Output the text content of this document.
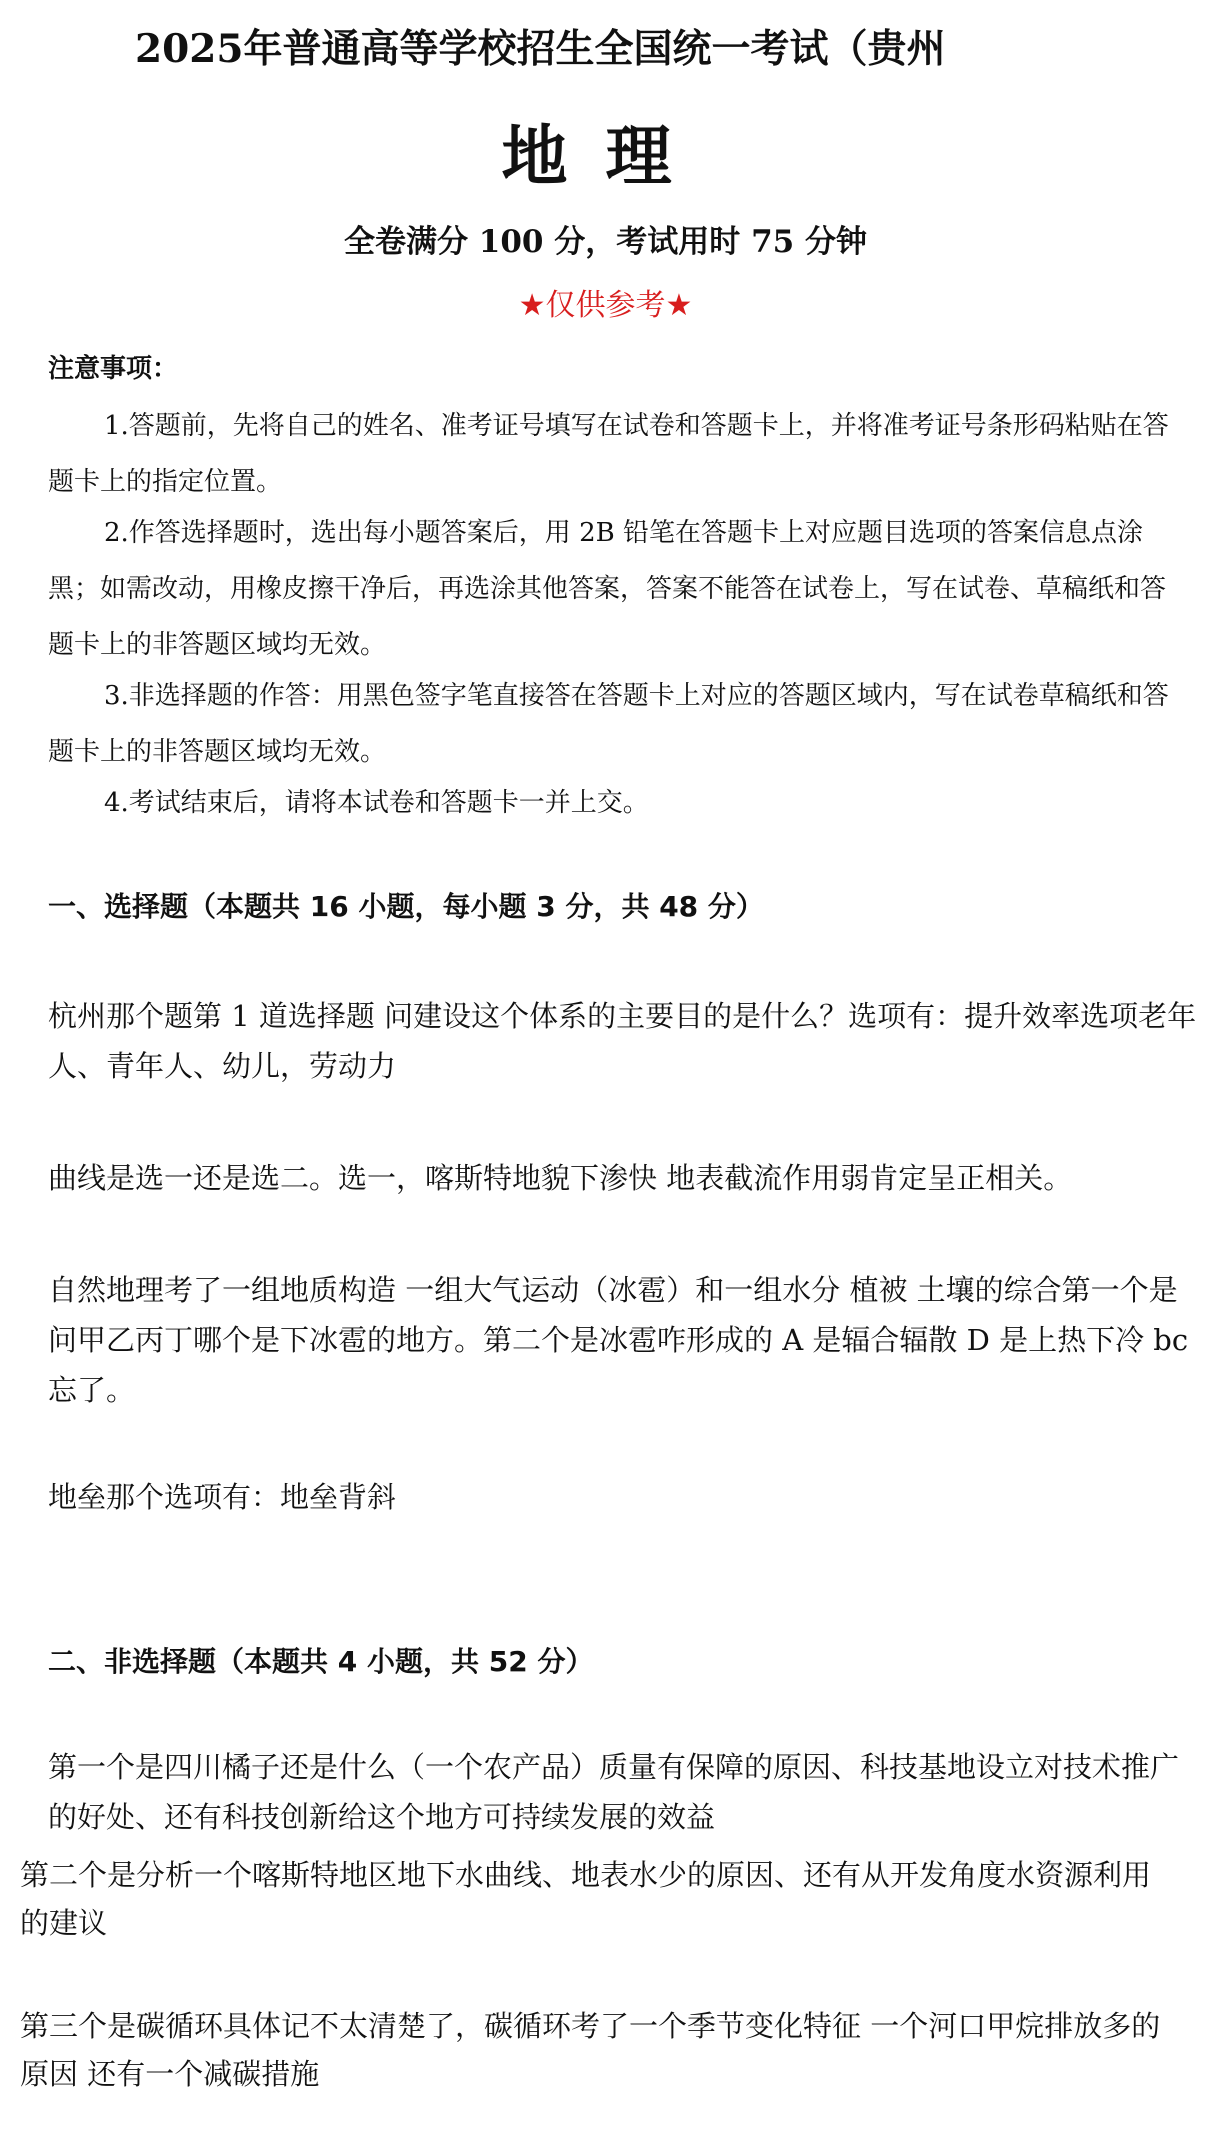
2025年普通高等学校招生全国统一考试（贵州
地理
全卷满分 100 分，考试用时 75 分钟
★仅供参考★
注意事项：
1.答题前，先将自己的姓名、准考证号填写在试卷和答题卡上，并将准考证号条形码粘贴在答题卡上的指定位置。
2.作答选择题时，选出每小题答案后，用 2B 铅笔在答题卡上对应题目选项的答案信息点涂黑；如需改动，用橡皮擦干净后，再选涂其他答案，答案不能答在试卷上，写在试卷、草稿纸和答题卡上的非答题区域均无效。
3.非选择题的作答：用黑色签字笔直接答在答题卡上对应的答题区域内，写在试卷草稿纸和答题卡上的非答题区域均无效。
4.考试结束后，请将本试卷和答题卡一并上交。
一、选择题（本题共 16 小题，每小题 3 分，共 48 分）
杭州那个题第 1 道选择题 问建设这个体系的主要目的是什么？选项有：提升效率选项老年人、青年人、幼儿，劳动力
曲线是选一还是选二。选一，喀斯特地貌下渗快 地表截流作用弱肯定呈正相关。
自然地理考了一组地质构造 一组大气运动（冰雹）和一组水分 植被 土壤的综合第一个是问甲乙丙丁哪个是下冰雹的地方。第二个是冰雹咋形成的 A 是辐合辐散 D 是上热下冷 bc 忘了。
地垒那个选项有：地垒背斜
二、非选择题（本题共 4 小题，共 52 分）
第一个是四川橘子还是什么（一个农产品）质量有保障的原因、科技基地设立对技术推广的好处、还有科技创新给这个地方可持续发展的效益
第二个是分析一个喀斯特地区地下水曲线、地表水少的原因、还有从开发角度水资源利用的建议
第三个是碳循环具体记不太清楚了，碳循环考了一个季节变化特征 一个河口甲烷排放多的原因 还有一个减碳措施
